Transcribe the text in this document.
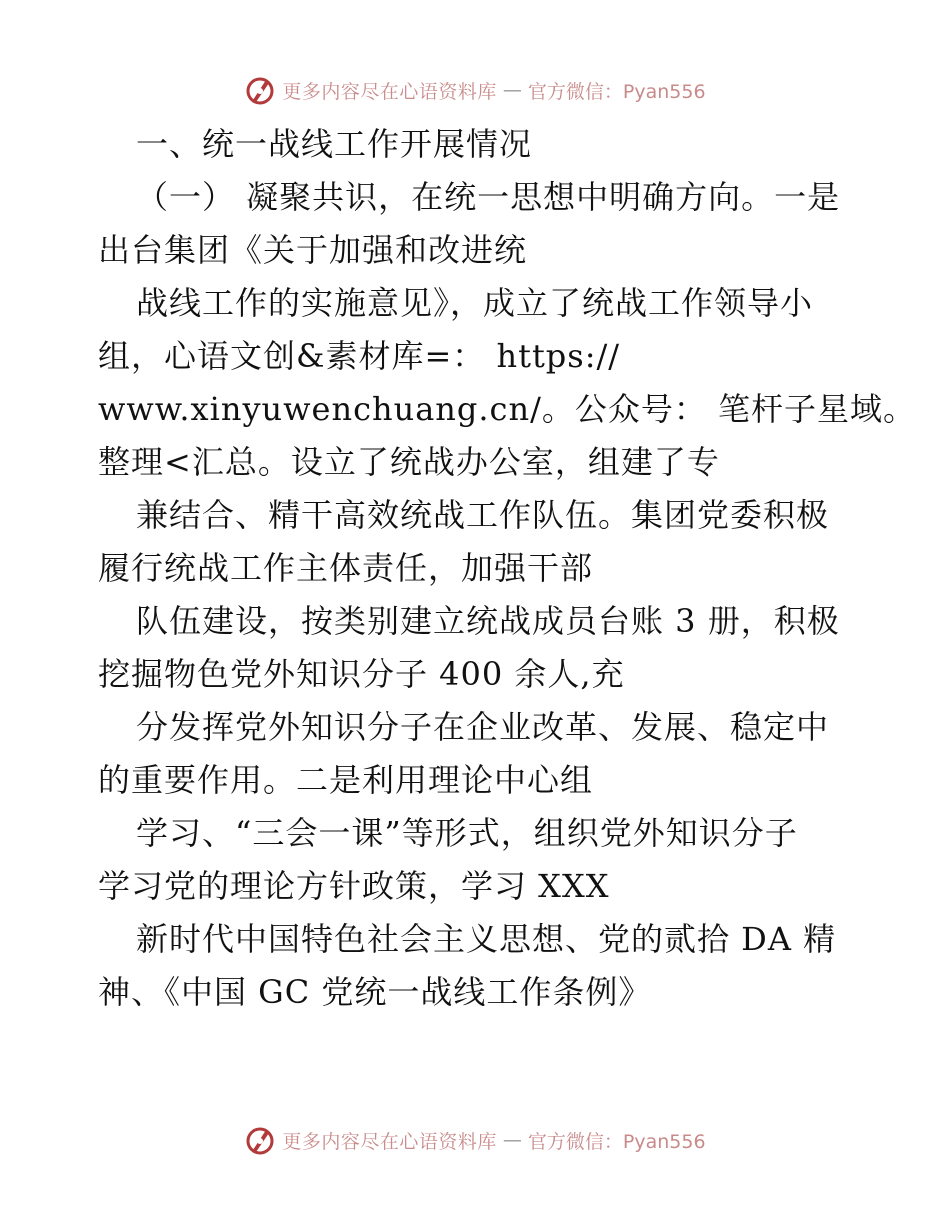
更多内容尽在心语资料库 — 官方微信：Pyan556
一、统一战线工作开展情况
（一） 凝聚共识，在统一思想中明确方向。一是
出台集团《关于加强和改进统
战线工作的实施意见》，成立了统战工作领导小
组，心语文创&素材库=： https://
www.xinyuwenchuang.cn/。公众号： 笔杆子星域。
整理<汇总。设立了统战办公室，组建了专
兼结合、精干高效统战工作队伍。集团党委积极
履行统战工作主体责任，加强干部
队伍建设，按类别建立统战成员台账 3 册，积极
挖掘物色党外知识分子 400 余人,充
分发挥党外知识分子在企业改革、发展、稳定中
的重要作用。二是利用理论中心组
学习、“三会一课”等形式，组织党外知识分子
学习党的理论方针政策，学习 XXX
新时代中国特色社会主义思想、党的贰拾 DA 精
神、《中国 GC 党统一战线工作条例》
更多内容尽在心语资料库 — 官方微信：Pyan556
